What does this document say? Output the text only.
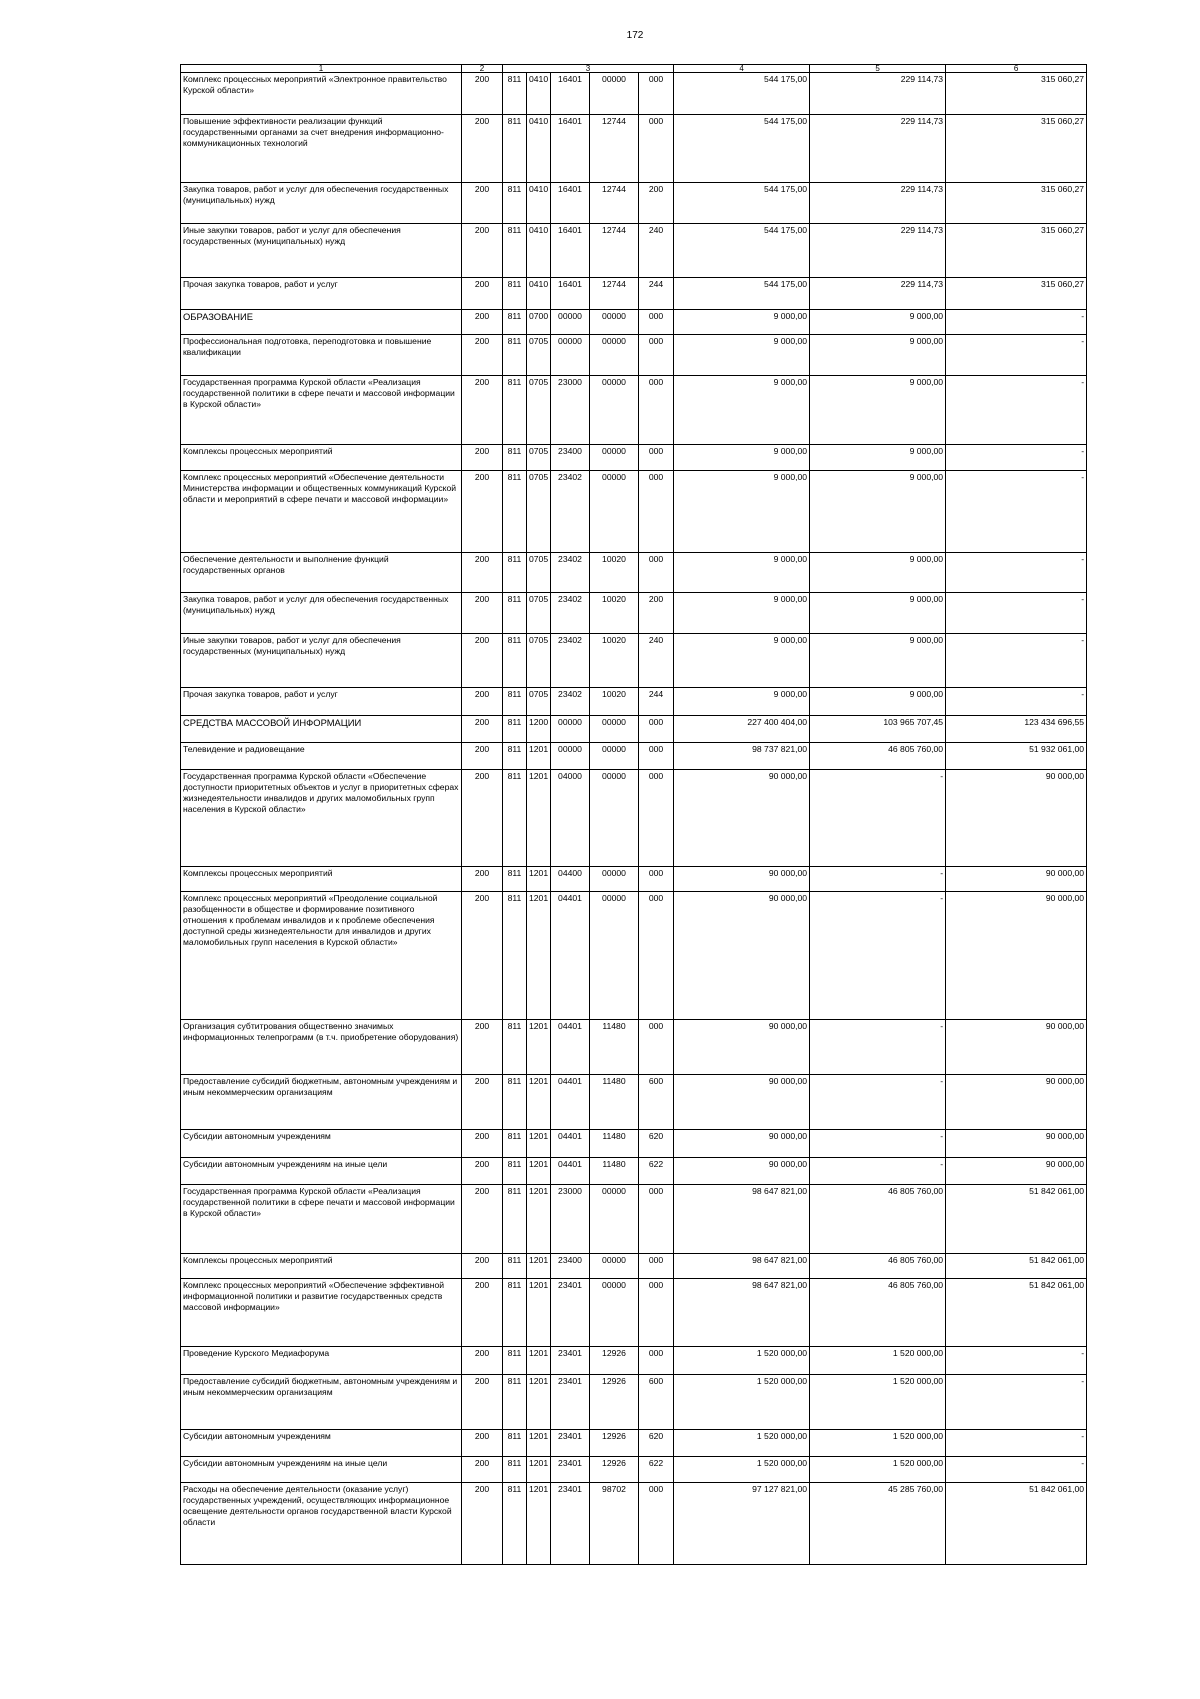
172
1	2	3					4	5	6
Комплекс процессных мероприятий «Электронное правительство Курской области»	200	811	0410	16401	00000	000	544 175,00	229 114,73	315 060,27
Повышение эффективности реализации функций государственными органами за счет внедрения информационно-коммуникационных технологий	200	811	0410	16401	12744	000	544 175,00	229 114,73	315 060,27
Закупка товаров, работ и услуг для обеспечения государственных (муниципальных) нужд	200	811	0410	16401	12744	200	544 175,00	229 114,73	315 060,27
Иные закупки товаров, работ и услуг для обеспечения государственных (муниципальных) нужд	200	811	0410	16401	12744	240	544 175,00	229 114,73	315 060,27
Прочая закупка товаров, работ и услуг	200	811	0410	16401	12744	244	544 175,00	229 114,73	315 060,27
ОБРАЗОВАНИЕ	200	811	0700	00000	00000	000	9 000,00	9 000,00	-
Профессиональная подготовка, переподготовка и повышение квалификации	200	811	0705	00000	00000	000	9 000,00	9 000,00	-
Государственная программа Курской области «Реализация государственной политики в сфере печати и массовой информации в Курской области»	200	811	0705	23000	00000	000	9 000,00	9 000,00	-
Комплексы процессных мероприятий	200	811	0705	23400	00000	000	9 000,00	9 000,00	-
Комплекс процессных мероприятий «Обеспечение деятельности Министерства информации и общественных коммуникаций Курской области и мероприятий в сфере печати и массовой информации»	200	811	0705	23402	00000	000	9 000,00	9 000,00	-
Обеспечение деятельности и выполнение функций государственных органов	200	811	0705	23402	10020	000	9 000,00	9 000,00	-
Закупка товаров, работ и услуг для обеспечения государственных (муниципальных) нужд	200	811	0705	23402	10020	200	9 000,00	9 000,00	-
Иные закупки товаров, работ и услуг для обеспечения государственных (муниципальных) нужд	200	811	0705	23402	10020	240	9 000,00	9 000,00	-
Прочая закупка товаров, работ и услуг	200	811	0705	23402	10020	244	9 000,00	9 000,00	-
СРЕДСТВА МАССОВОЙ ИНФОРМАЦИИ	200	811	1200	00000	00000	000	227 400 404,00	103 965 707,45	123 434 696,55
Телевидение и радиовещание	200	811	1201	00000	00000	000	98 737 821,00	46 805 760,00	51 932 061,00
Государственная программа Курской области «Обеспечение доступности приоритетных объектов и услуг в приоритетных сферах жизнедеятельности инвалидов и других маломобильных групп населения в Курской области»	200	811	1201	04000	00000	000	90 000,00	-	90 000,00
Комплексы процессных мероприятий	200	811	1201	04400	00000	000	90 000,00	-	90 000,00
Комплекс процессных мероприятий «Преодоление социальной разобщенности в обществе и формирование позитивного отношения к проблемам инвалидов и к проблеме обеспечения доступной среды жизнедеятельности для инвалидов и других маломобильных групп населения в Курской области»	200	811	1201	04401	00000	000	90 000,00	-	90 000,00
Организация субтитрования общественно значимых информационных телепрограмм (в т.ч. приобретение оборудования)	200	811	1201	04401	11480	000	90 000,00	-	90 000,00
Предоставление субсидий бюджетным, автономным учреждениям и иным некоммерческим организациям	200	811	1201	04401	11480	600	90 000,00	-	90 000,00
Субсидии автономным учреждениям	200	811	1201	04401	11480	620	90 000,00	-	90 000,00
Субсидии автономным учреждениям на иные цели	200	811	1201	04401	11480	622	90 000,00	-	90 000,00
Государственная программа Курской области «Реализация государственной политики в сфере печати и массовой информации в Курской области»	200	811	1201	23000	00000	000	98 647 821,00	46 805 760,00	51 842 061,00
Комплексы процессных мероприятий	200	811	1201	23400	00000	000	98 647 821,00	46 805 760,00	51 842 061,00
Комплекс процессных мероприятий «Обеспечение эффективной информационной политики и развитие государственных средств массовой информации»	200	811	1201	23401	00000	000	98 647 821,00	46 805 760,00	51 842 061,00
Проведение Курского Медиафорума	200	811	1201	23401	12926	000	1 520 000,00	1 520 000,00	-
Предоставление субсидий бюджетным, автономным учреждениям и иным некоммерческим организациям	200	811	1201	23401	12926	600	1 520 000,00	1 520 000,00	-
Субсидии автономным учреждениям	200	811	1201	23401	12926	620	1 520 000,00	1 520 000,00	-
Субсидии автономным учреждениям на иные цели	200	811	1201	23401	12926	622	1 520 000,00	1 520 000,00	-
Расходы на обеспечение деятельности (оказание услуг) государственных учреждений, осуществляющих информационное освещение деятельности органов государственной власти Курской области	200	811	1201	23401	98702	000	97 127 821,00	45 285 760,00	51 842 061,00
